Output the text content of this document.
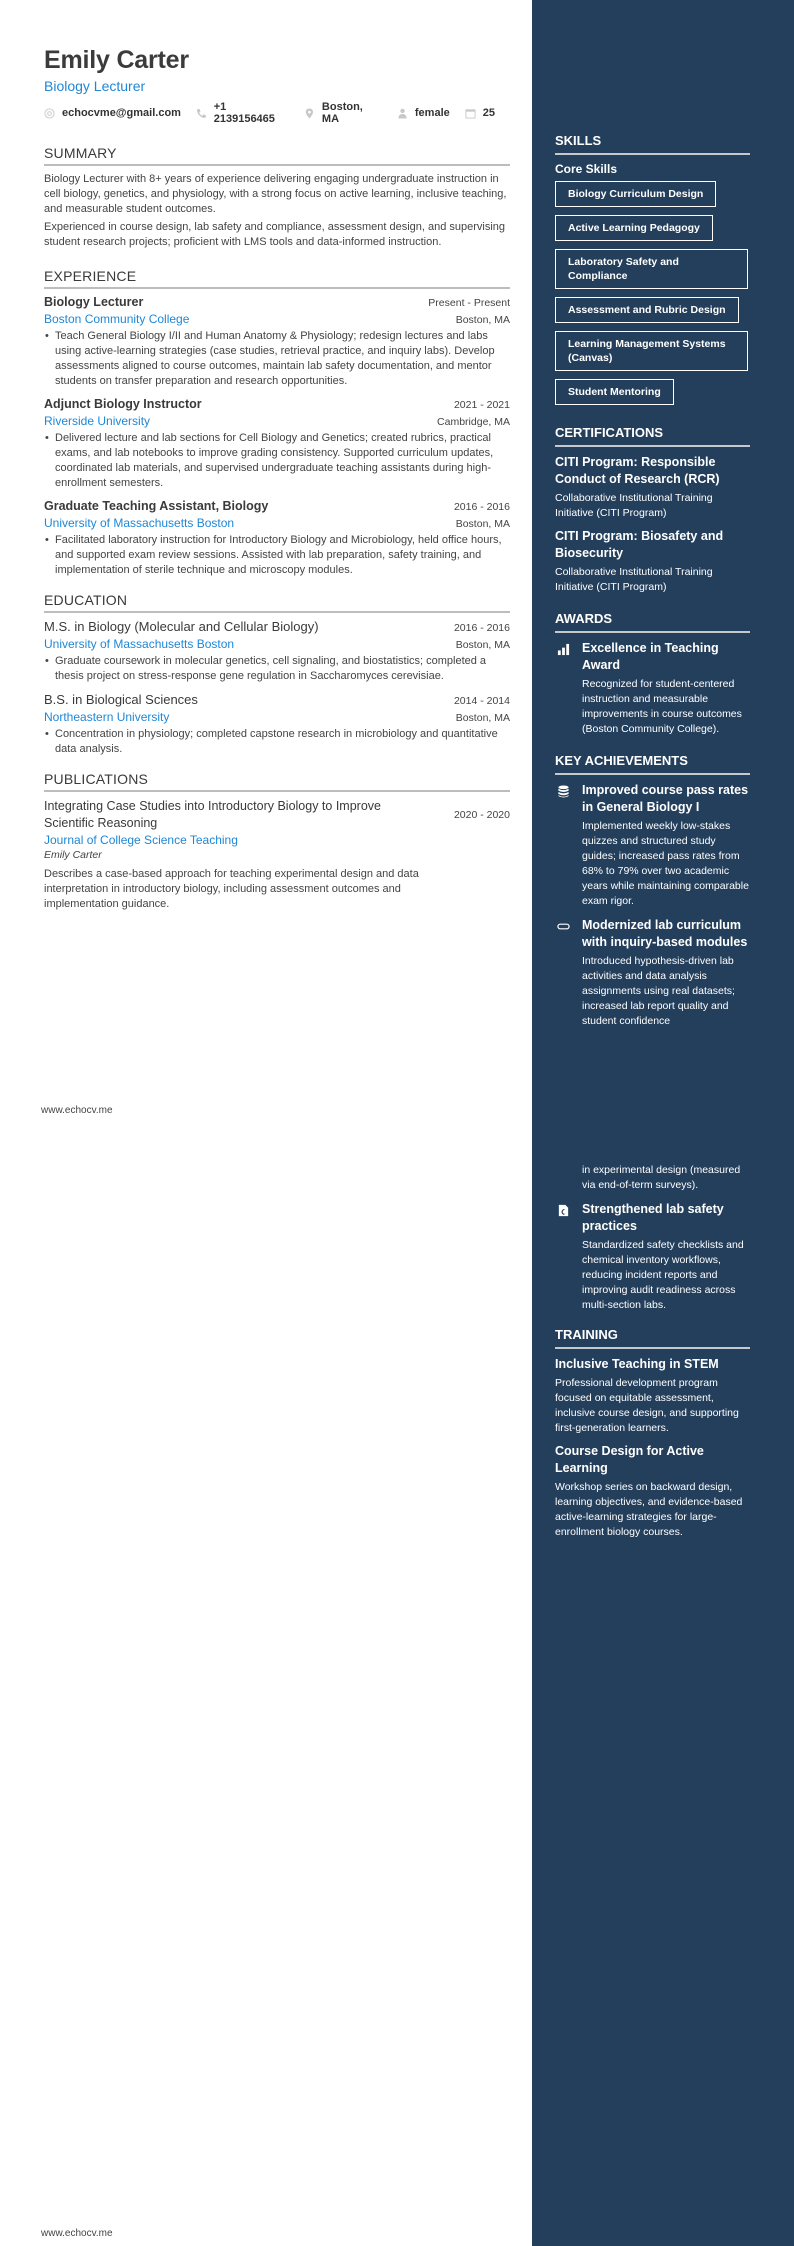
Emily Carter
Biology Lecturer
echocvme@gmail.com	+1 2139156465
Boston, MA	female	25
SUMMARY

Biology Lecturer with 8+ years of experience delivering engaging undergraduate instruction in cell biology, genetics, and physiology, with a strong focus on active learning, inclusive teaching, and measurable student outcomes.

Experienced in course design, lab safety and compliance, assessment design, and supervising student research projects; proficient with LMS tools and data-informed instruction.

EXPERIENCE
Biology Lecturer	Present - Present
Boston Community College	Boston, MA
• Teach General Biology I/II and Human Anatomy & Physiology; redesign lectures and labs using active-learning strategies (case studies, retrieval practice, and inquiry labs). Develop assessments aligned to course outcomes, maintain lab safety documentation, and mentor students on transfer preparation and research opportunities.
Adjunct Biology Instructor	2021 - 2021
Riverside University	Cambridge, MA
• Delivered lecture and lab sections for Cell Biology and Genetics; created rubrics, practical exams, and lab notebooks to improve grading consistency. Supported curriculum updates, coordinated lab materials, and supervised undergraduate teaching assistants during high-enrollment semesters.
Graduate Teaching Assistant, Biology	2016 - 2016
University of Massachusetts Boston	Boston, MA
• Facilitated laboratory instruction for Introductory Biology and Microbiology, held office hours, and supported exam review sessions. Assisted with lab preparation, safety training, and implementation of sterile technique and microscopy modules.
EDUCATION
M.S. in Biology (Molecular and Cellular Biology)	2016 - 2016
University of Massachusetts Boston	Boston, MA
• Graduate coursework in molecular genetics, cell signaling, and biostatistics; completed a thesis project on stress-response gene regulation in Saccharomyces cerevisiae.
B.S. in Biological Sciences	2014 - 2014
Northeastern University	Boston, MA
• Concentration in physiology; completed capstone research in microbiology and quantitative data analysis.
PUBLICATIONS
Integrating Case Studies into Introductory Biology to Improve Scientific Reasoning
2020 - 2020
Journal of College Science Teaching
Emily Carter
Describes a case-based approach for teaching experimental design and data interpretation in introductory biology, including assessment outcomes and implementation guidance.
SKILLS
Core Skills
Biology Curriculum Design
Active Learning Pedagogy
Laboratory Safety and Compliance
Assessment and Rubric Design
Learning Management Systems (Canvas)
Student Mentoring
CERTIFICATIONS
CITI Program: Responsible Conduct of Research (RCR)
Collaborative Institutional Training Initiative (CITI Program)
CITI Program: Biosafety and Biosecurity
Collaborative Institutional Training Initiative (CITI Program)
AWARDS
Excellence in Teaching Award
Recognized for student-centered instruction and measurable improvements in course outcomes (Boston Community College).
KEY ACHIEVEMENTS
Improved course pass rates in General Biology I
Implemented weekly low-stakes quizzes and structured study guides; increased pass rates from 68% to 79% over two academic years while maintaining comparable exam rigor.
Modernized lab curriculum with inquiry-based modules
Introduced hypothesis-driven lab activities and data analysis assignments using real datasets; increased lab report quality and student confidence
www.echocv.me
in experimental design (measured via end-of-term surveys).
Strengthened lab safety practices
Standardized safety checklists and chemical inventory workflows, reducing incident reports and improving audit readiness across multi-section labs.
TRAINING
Inclusive Teaching in STEM
Professional development program focused on equitable assessment, inclusive course design, and supporting first-generation learners.
Course Design for Active Learning
Workshop series on backward design, learning objectives, and evidence-based active-learning strategies for large-enrollment biology courses.
www.echocv.me
